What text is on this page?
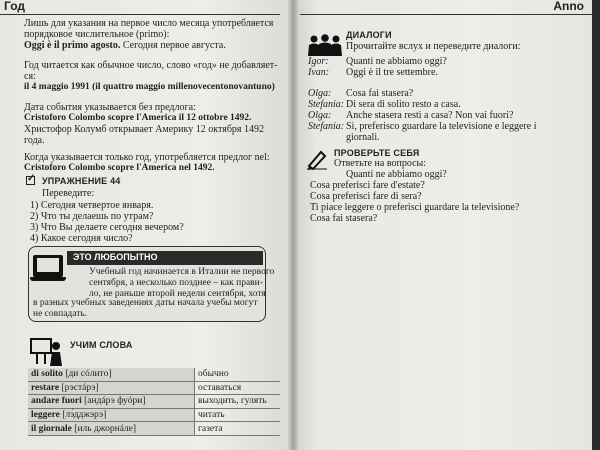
Год
Лишь для указания на первое число месяца употребляется
порядковое числительное (primo):
Oggi è il primo agosto. Сегодня первое августа.
Год читается как обычное число, слово «год» не добавляет-
ся:
il 4 maggio 1991 (il quattro maggio millenovecentonovantuno)
Дата события указывается без предлога:
Cristoforo Colombo scopre l'America il 12 ottobre 1492.
Христофор Колумб открывает Америку 12 октября 1492
года.
Когда указывается только год, употребляется предлог nel:
Cristoforo Colombo scopre l'America nel 1492.
✓
УПРАЖНЕНИЕ 44
Переведите:
1) Сегодня четвертое января.
2) Что ты делаешь по утрам?
3) Что Вы делаете сегодня вечером?
4) Какое сегодня число?
ЭТО ЛЮБОПЫТНО
Учебный год начинается в Италии не первого
сентября, а несколько позднее – как прави-
ло, не раньше второй недели сентября, хотя
в разных учебных заведениях даты начала учебы могут
не совпадать.
УЧИМ СЛОВА
di solito [ди сóлито]	обычно
restare [рэстáрэ]	оставаться
andare fuori [андáрэ фуóри]	выходить, гулять
leggere [лэ́дджэрэ]	читать
il giornale [иль джорнáле]	газета
Anno
ДИАЛОГИ
Прочитайте вслух и переведите диалоги:
Igor: Quanti ne abbiamo oggi?
Ivan: Oggi è il tre settembre.
Olga: Cosa fai stasera?
Stefania: Di sera di solito resto a casa.
Olga: Anche stasera resti a casa? Non vai fuori?
Stefania: Sì, preferisco guardare la televisione e leggere i
giornali.
ПРОВЕРЬТЕ СЕБЯ
Ответьте на вопросы:
Quanti ne abbiamo oggi?
Cosa preferisci fare d'estate?
Cosa preferisci fare di sera?
Ti piace leggere o preferisci guardare la televisione?
Cosa fai stasera?
